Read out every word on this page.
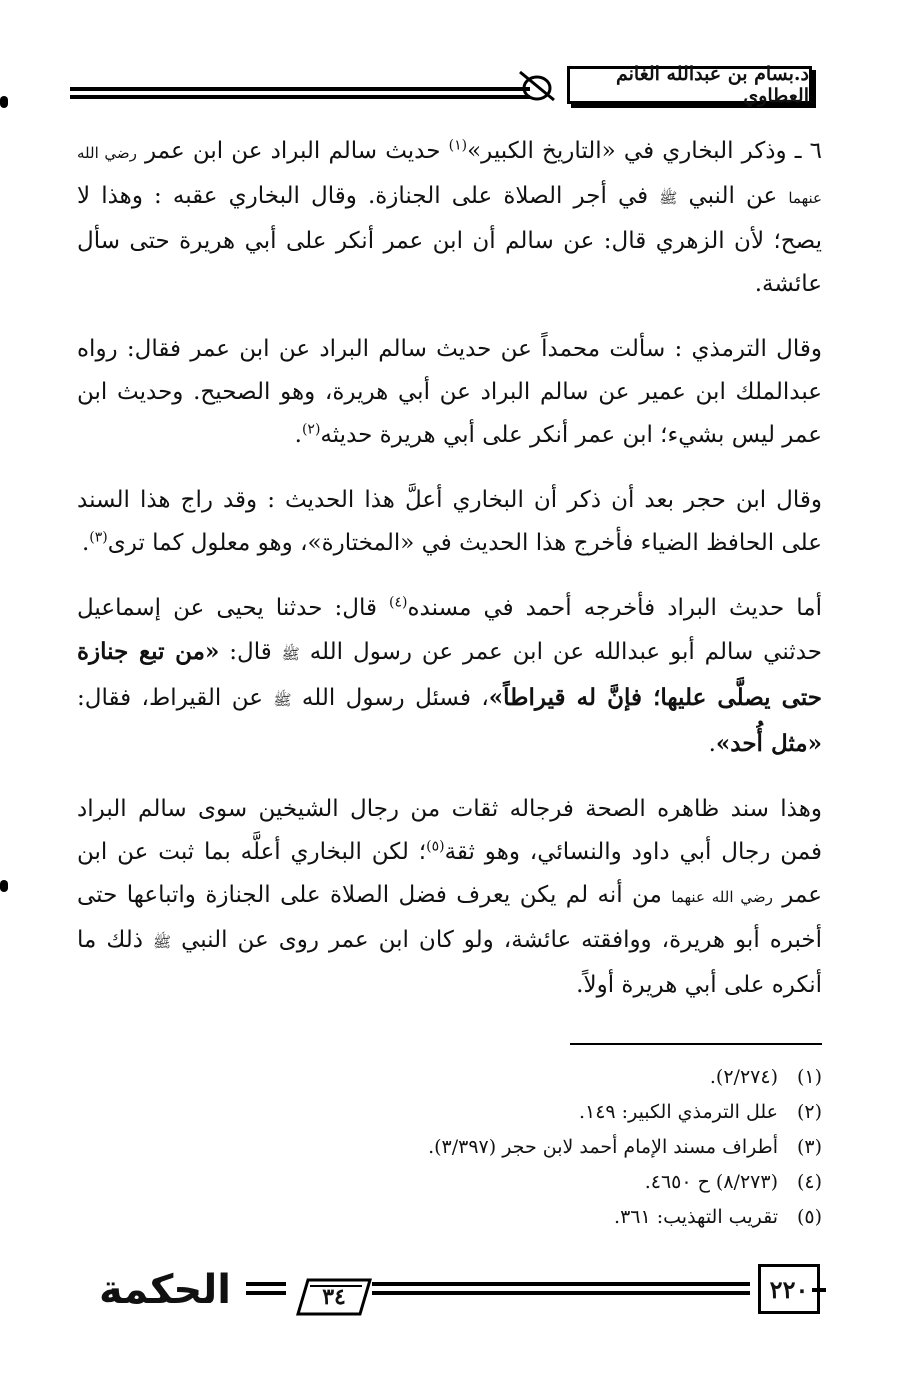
د.بسام بن عبدالله الغانم العطاوي

٦ ـ وذكر البخاري في «التاريخ الكبير»$^{(١)}$ حديث سالم البراد عن ابن عمر رضي الله عنهما عن النبي ﷺ في أجر الصلاة على الجنازة. وقال البخاري عقبه : وهذا لا يصح؛ لأن الزهري قال: عن سالم أن ابن عمر أنكر على أبي هريرة حتى سأل عائشة.

وقال الترمذي : سألت محمداً عن حديث سالم البراد عن ابن عمر فقال: رواه عبدالملك ابن عمير عن سالم البراد عن أبي هريرة، وهو الصحيح. وحديث ابن عمر ليس بشيء؛ ابن عمر أنكر على أبي هريرة حديثه$^{(٢)}$.

وقال ابن حجر بعد أن ذكر أن البخاري أعلَّ هذا الحديث : وقد راج هذا السند على الحافظ الضياء فأخرج هذا الحديث في «المختارة»، وهو معلول كما ترى$^{(٣)}$.

أما حديث البراد فأخرجه أحمد في مسنده$^{(٤)}$ قال: حدثنا يحيى عن إسماعيل حدثني سالم أبو عبدالله عن ابن عمر عن رسول الله ﷺ قال: «من تبع جنازة حتى يصلَّى عليها؛ فإنَّ له قيراطاً»، فسئل رسول الله ﷺ عن القيراط، فقال: «مثل أُحد».

وهذا سند ظاهره الصحة فرجاله ثقات من رجال الشيخين سوى سالم البراد فمن رجال أبي داود والنسائي، وهو ثقة$^{(٥)}$؛ لكن البخاري أعلَّه بما ثبت عن ابن عمر رضي الله عنهما من أنه لم يكن يعرف فضل الصلاة على الجنازة واتباعها حتى أخبره أبو هريرة، ووافقته عائشة، ولو كان ابن عمر روى عن النبي ﷺ ذلك ما أنكره على أبي هريرة أولاً.

(١)
(٢/٢٧٤).
(٢)
علل الترمذي الكبير: ١٤٩.
(٣)
أطراف مسند الإمام أحمد لابن حجر (٣/٣٩٧).
(٤)
(٨/٢٧٣) ح ٤٦٥٠.
(٥)
تقريب التهذيب: ٣٦١.
الحكمة	٣٤	٢٢٠
